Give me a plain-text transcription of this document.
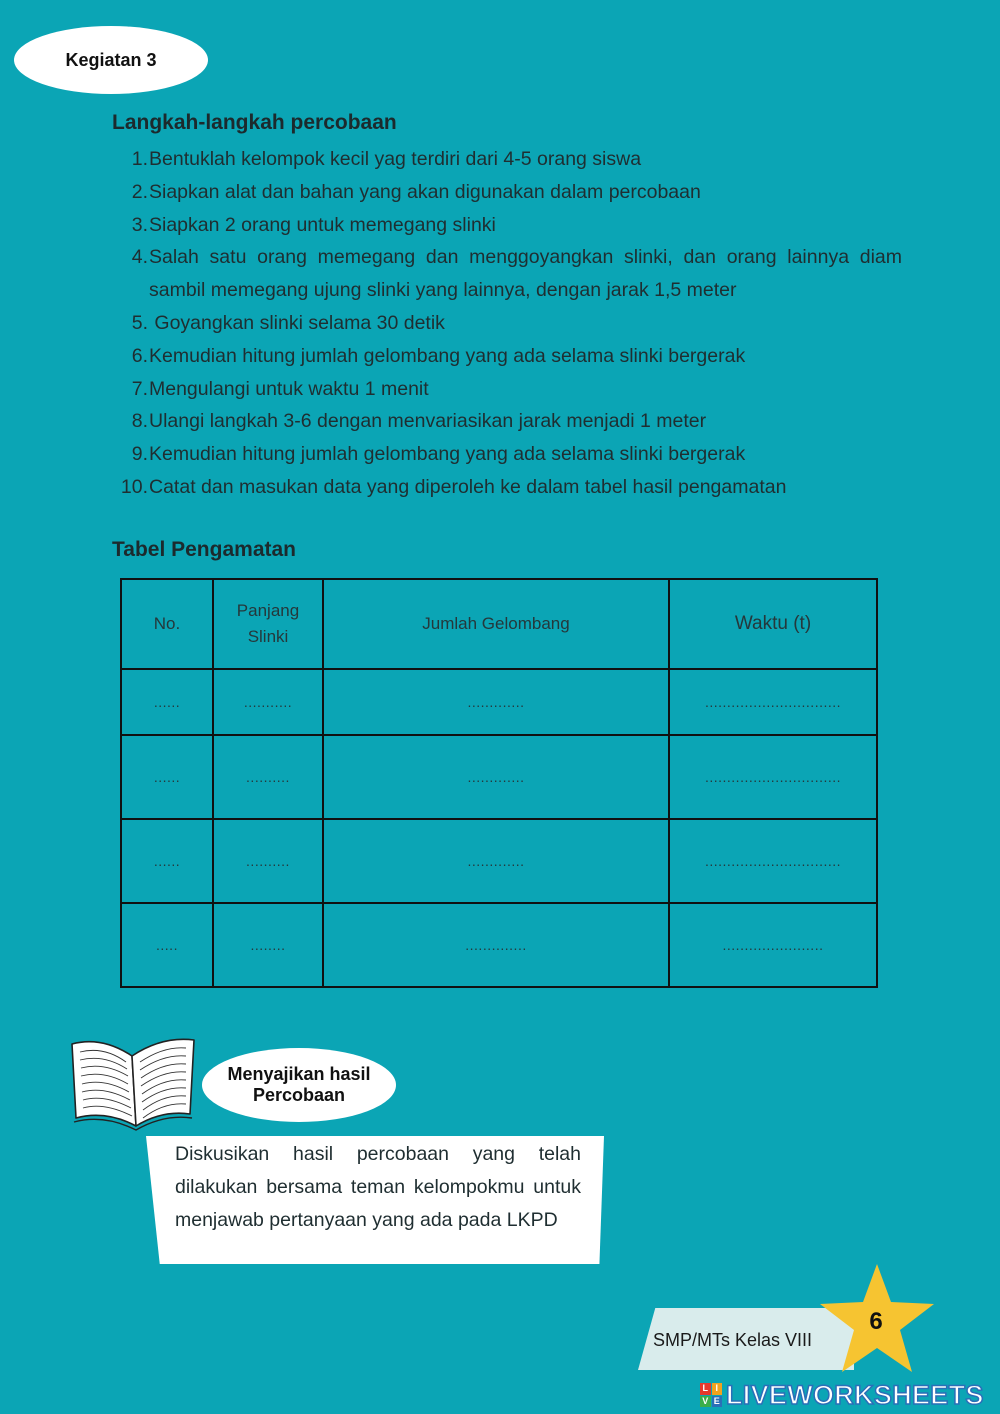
Kegiatan 3
Langkah-langkah percobaan
1. Bentuklah kelompok kecil yag terdiri dari 4-5 orang siswa
2. Siapkan alat dan bahan yang akan digunakan dalam percobaan
3. Siapkan 2 orang untuk memegang slinki
4. Salah satu orang memegang dan menggoyangkan slinki, dan orang lainnya diam sambil memegang ujung slinki yang lainnya, dengan jarak 1,5 meter
5. Goyangkan slinki selama 30 detik
6. Kemudian hitung jumlah gelombang yang ada selama slinki bergerak
7. Mengulangi untuk waktu 1 menit
8. Ulangi langkah 3-6 dengan menvariasikan jarak menjadi 1 meter
9. Kemudian hitung jumlah gelombang yang ada selama slinki bergerak
10. Catat dan masukan data yang diperoleh ke dalam tabel hasil pengamatan
Tabel Pengamatan
No.	Panjang Slinki	Jumlah Gelombang	Waktu (t)
......	...........	.............	...............................
......	..........	.............	...............................
......	..........	.............	...............................
.....	........	..............	.......................
Menyajikan hasil Percobaan
Diskusikan hasil percobaan yang telah dilakukan bersama teman kelompokmu untuk menjawab pertanyaan yang ada pada LKPD
SMP/MTs Kelas VIII
6
L I
V E LIVEWORKSHEETS
